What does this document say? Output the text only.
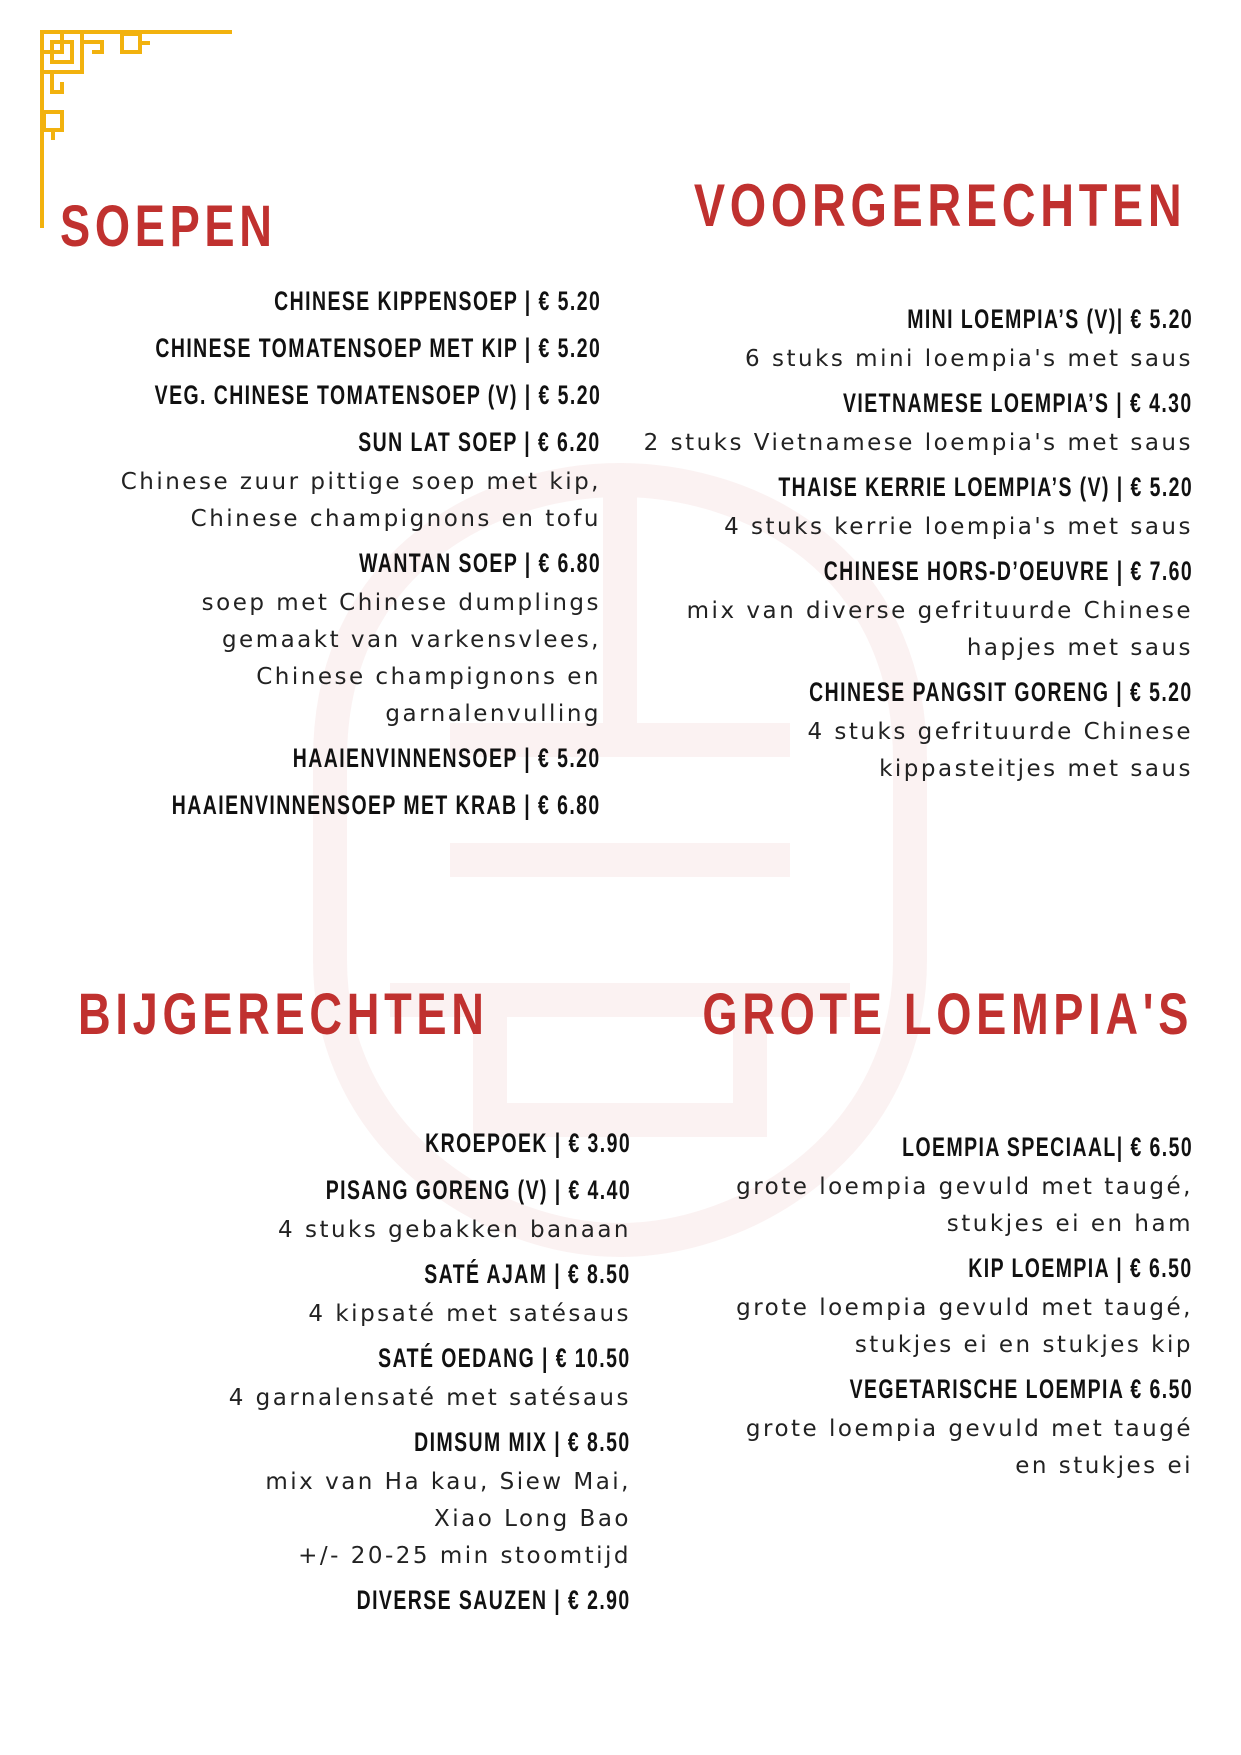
SOEPEN
CHINESE KIPPENSOEP | € 5.20
CHINESE TOMATENSOEP MET KIP | € 5.20
VEG. CHINESE TOMATENSOEP (V) | € 5.20
SUN LAT SOEP | € 6.20
Chinese zuur pittige soep met kip,
Chinese champignons en tofu
WANTAN SOEP | € 6.80
soep met Chinese dumplings
gemaakt van varkensvlees,
Chinese champignons en
garnalenvulling
HAAIENVINNENSOEP | € 5.20
HAAIENVINNENSOEP MET KRAB | € 6.80
VOORGERECHTEN
MINI LOEMPIA’S (V)| € 5.20
6 stuks mini loempia's met saus
VIETNAMESE LOEMPIA’S | € 4.30
2 stuks Vietnamese loempia's met saus
THAISE KERRIE LOEMPIA’S (V) | € 5.20
4 stuks kerrie loempia's met saus
CHINESE HORS-D’OEUVRE | € 7.60
mix van diverse gefrituurde Chinese
hapjes met saus
CHINESE PANGSIT GORENG | € 5.20
4 stuks gefrituurde Chinese
kippasteitjes met saus
BIJGERECHTEN
KROEPOEK | € 3.90
PISANG GORENG (V) | € 4.40
4 stuks gebakken banaan
SATÉ AJAM | € 8.50
4 kipsaté met satésaus
SATÉ OEDANG | € 10.50
4 garnalensaté met satésaus
DIMSUM MIX | € 8.50
mix van Ha kau, Siew Mai,
Xiao Long Bao
+/- 20-25 min stoomtijd
DIVERSE SAUZEN | € 2.90
GROTE LOEMPIA'S
LOEMPIA SPECIAAL| € 6.50
grote loempia gevuld met taugé,
stukjes ei en ham
KIP LOEMPIA | € 6.50
grote loempia gevuld met taugé,
stukjes ei en stukjes kip
VEGETARISCHE LOEMPIA € 6.50
grote loempia gevuld met taugé
en stukjes ei
